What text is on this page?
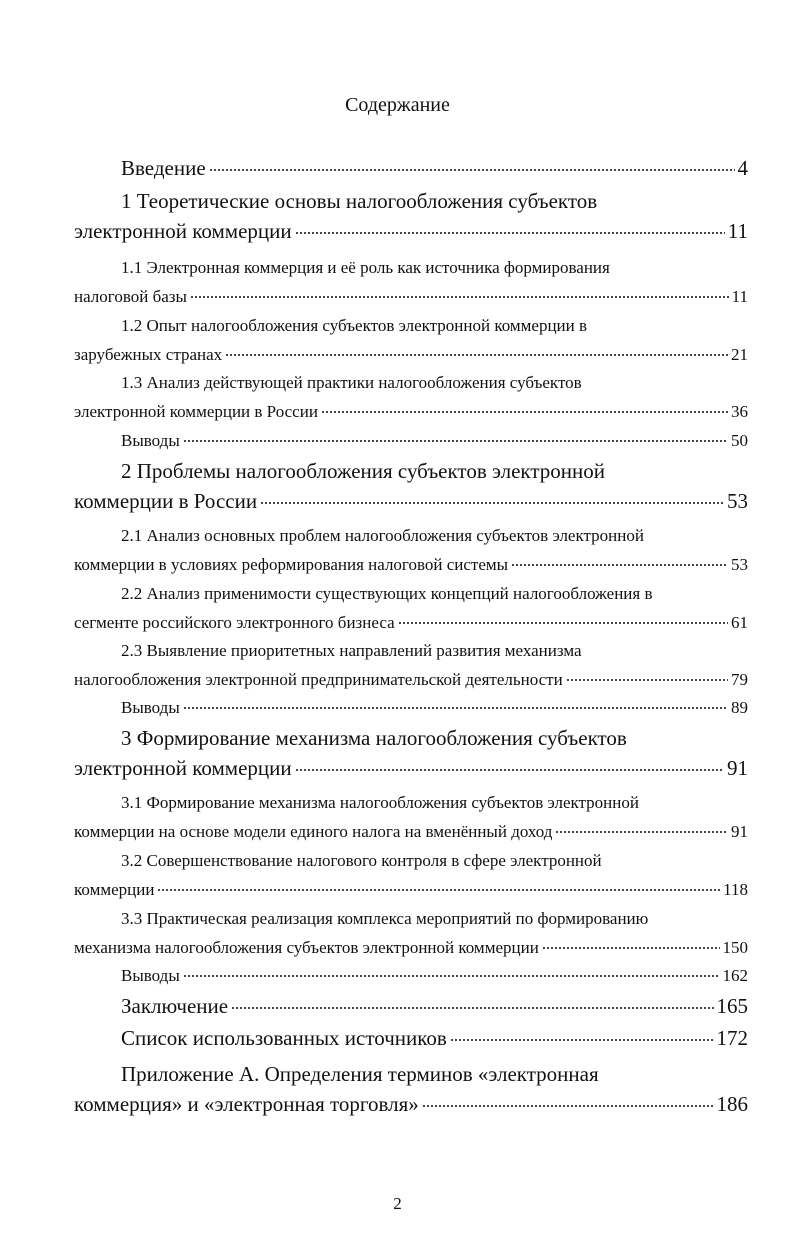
Содержание
Введение	4
1 Теоретические основы налогообложения субъектов
электронной коммерции	11
1.1 Электронная коммерция и её роль как источника формирования
налоговой базы	11
1.2 Опыт налогообложения субъектов электронной коммерции в
зарубежных странах	21
1.3 Анализ действующей практики налогообложения субъектов
электронной коммерции в России	36
Выводы	50
2 Проблемы налогообложения субъектов электронной
коммерции в России	53
2.1 Анализ основных проблем налогообложения субъектов электронной
коммерции в условиях реформирования налоговой системы	53
2.2 Анализ применимости существующих концепций налогообложения в
сегменте российского электронного бизнеса	61
2.3 Выявление приоритетных направлений развития механизма
налогообложения электронной предпринимательской деятельности	79
Выводы	89
3 Формирование механизма налогообложения субъектов
электронной коммерции	91
3.1 Формирование механизма налогообложения субъектов электронной
коммерции на основе модели единого налога на вменённый доход	91
3.2 Совершенствование налогового контроля в сфере электронной
коммерции	118
3.3 Практическая реализация комплекса мероприятий по формированию
механизма налогообложения субъектов электронной коммерции	150
Выводы	162
Заключение	165
Список использованных источников	172
Приложение А. Определения терминов «электронная
коммерция» и «электронная торговля»	186
2
